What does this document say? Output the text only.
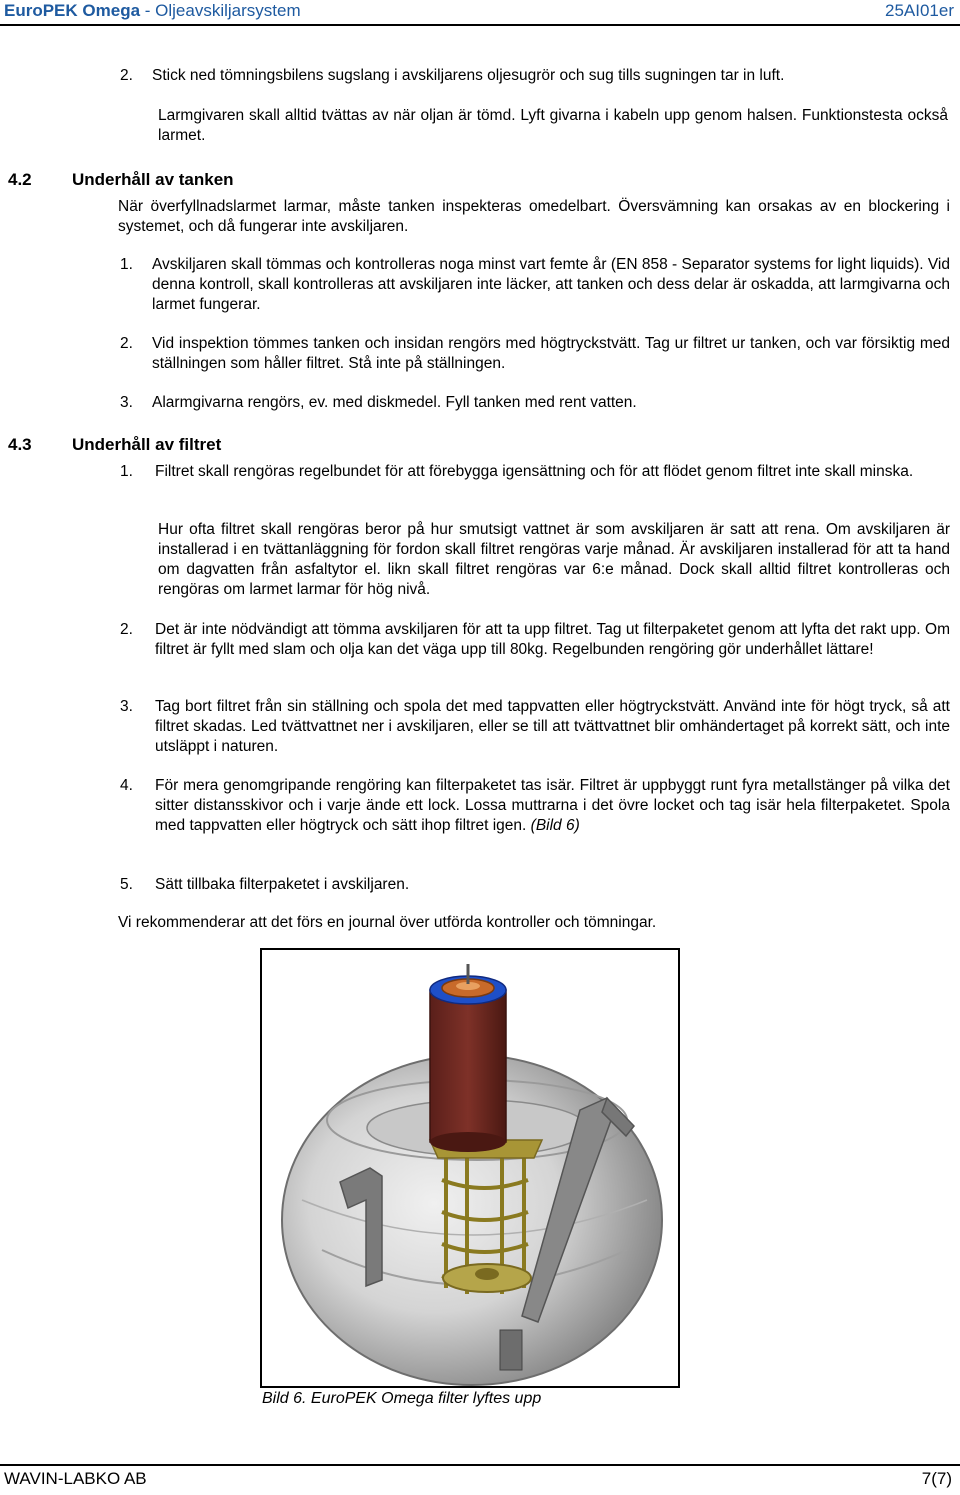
EuroPEK Omega - Oljeavskiljarsystem	25AI01er
2. Stick ned tömningsbilens sugslang i avskiljarens oljesugrör och sug tills sugningen tar in luft.
Larmgivaren skall alltid tvättas av när oljan är tömd. Lyft givarna i kabeln upp genom halsen. Funktionstesta också larmet.
4.2 Underhåll av tanken
När överfyllnadslarmet larmar, måste tanken inspekteras omedelbart. Översvämning kan orsakas av en blockering i systemet, och då fungerar inte avskiljaren.
1. Avskiljaren skall tömmas och kontrolleras noga minst vart femte år (EN 858 - Separator systems for light liquids). Vid denna kontroll, skall kontrolleras att avskiljaren inte läcker, att tanken och dess delar är oskadda, att larmgivarna och larmet fungerar.
2. Vid inspektion tömmes tanken och insidan rengörs med högtryckstvätt. Tag ur filtret ur tanken, och var försiktig med ställningen som håller filtret. Stå inte på ställningen.
3. Alarmgivarna rengörs, ev. med diskmedel. Fyll tanken med rent vatten.
4.3 Underhåll av filtret
1. Filtret skall rengöras regelbundet för att förebygga igensättning och för att flödet genom filtret inte skall minska.
Hur ofta filtret skall rengöras beror på hur smutsigt vattnet är som avskiljaren är satt att rena. Om avskiljaren är installerad i en tvättanläggning för fordon skall filtret rengöras varje månad. Är avskiljaren installerad för att ta hand om dagvatten från asfaltytor el. likn skall filtret rengöras var 6:e månad. Dock skall alltid filtret kontrolleras och rengöras om larmet larmar för hög nivå.
2. Det är inte nödvändigt att tömma avskiljaren för att ta upp filtret. Tag ut filterpaketet genom att lyfta det rakt upp. Om filtret är fyllt med slam och olja kan det väga upp till 80kg. Regelbunden rengöring gör underhållet lättare!
3. Tag bort filtret från sin ställning och spola det med tappvatten eller högtryckstvätt. Använd inte för högt tryck, så att filtret skadas. Led tvättvattnet ner i avskiljaren, eller se till att tvättvattnet blir omhändertaget på korrekt sätt, och inte utsläppt i naturen.
4. För mera genomgripande rengöring kan filterpaketet tas isär. Filtret är uppbyggt runt fyra metallstänger på vilka det sitter distansskivor och i varje ände ett lock. Lossa muttrarna i det övre locket och tag isär hela filterpaketet. Spola med tappvatten eller högtryck och sätt ihop filtret igen. (Bild 6)
5. Sätt tillbaka filterpaketet i avskiljaren.
Vi rekommenderar att det förs en journal över utförda kontroller och tömningar.
Bild 6. EuroPEK Omega filter lyftes upp
WAVIN-LABKO AB	7(7)
